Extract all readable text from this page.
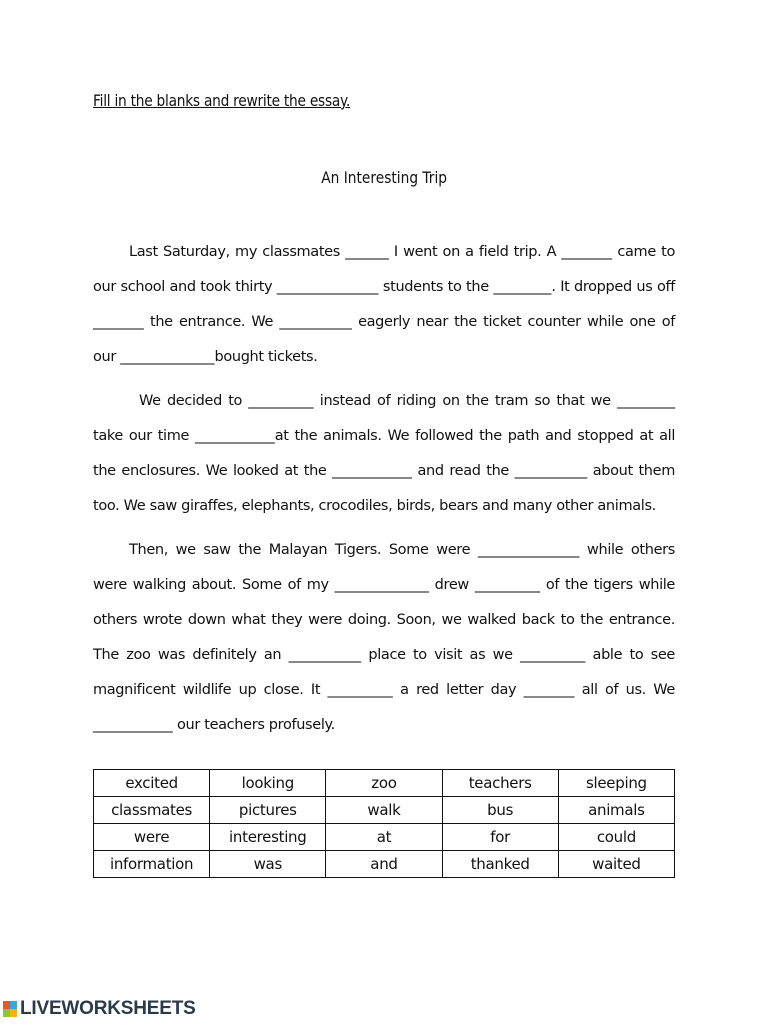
Fill in the blanks and rewrite the essay.
An Interesting Trip
Last Saturday, my classmates ______ I went on a field trip. A _______ came to our school and took thirty ______________ students to the ________. It dropped us off _______ the entrance. We __________ eagerly near the ticket counter while one of our _____________bought tickets.
We decided to _________ instead of riding on the tram so that we ________ take our time ___________at the animals. We followed the path and stopped at all the enclosures. We looked at the ___________ and read the __________ about them too. We saw giraffes, elephants, crocodiles, birds, bears and many other animals.
Then, we saw the Malayan Tigers. Some were ______________ while others were walking about. Some of my _____________ drew _________ of the tigers while others wrote down what they were doing. Soon, we walked back to the entrance. The zoo was definitely an __________ place to visit as we _________ able to see magnificent wildlife up close. It _________ a red letter day _______ all of us. We ___________ our teachers profusely.
excited	looking	zoo	teachers	sleeping
classmates	pictures	walk	bus	animals
were	interesting	at	for	could
information	was	and	thanked	waited
LIVEWORKSHEETS
